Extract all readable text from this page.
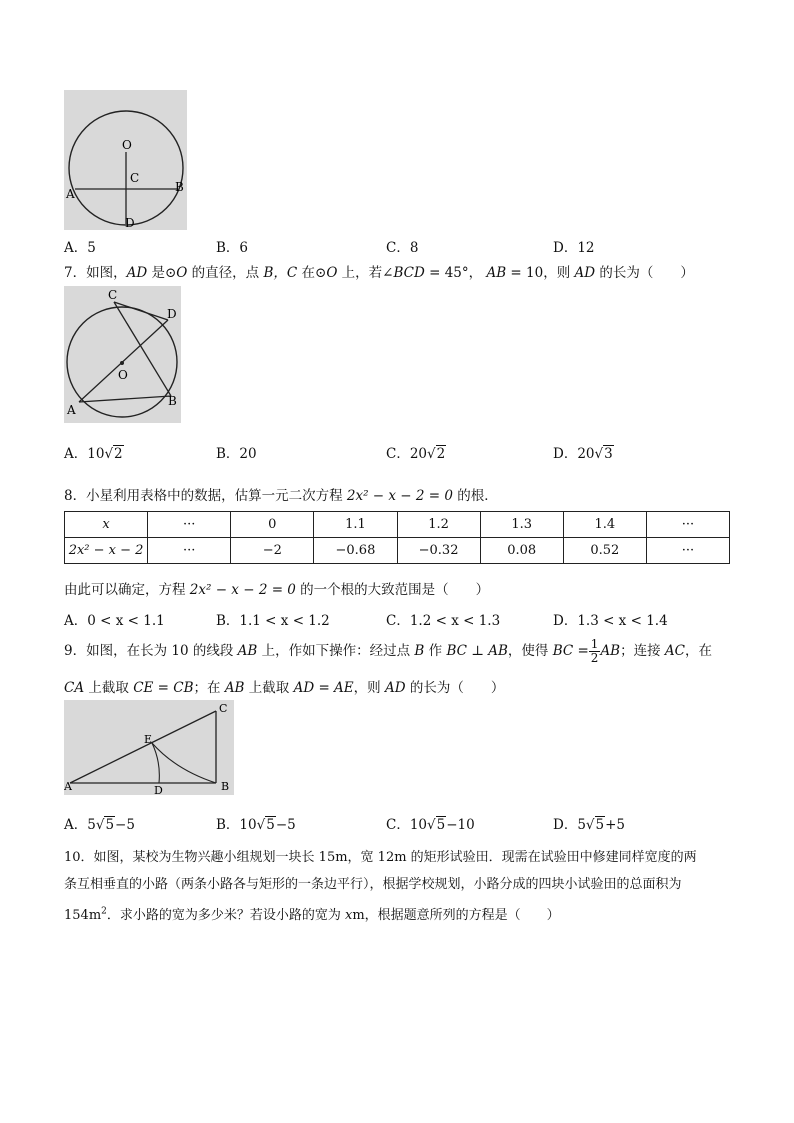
O
C
A	B
D
A．5	B．6	C．8	D．12
7．如图，AD 是⊙O 的直径，点 B，C 在⊙O 上，若∠BCD = 45°， AB = 10，则 AD 的长为（　　）
C
D
O
A
B
A．10√2	B．20	C．20√2	D．20√3
8．小星利用表格中的数据，估算一元二次方程 2x² − x − 2 = 0 的根．
x	···	0	1.1	1.2	1.3	1.4	···
2x² − x − 2	···	−2	−0.68	−0.32	0.08	0.52	···
由此可以确定，方程 2x² − x − 2 = 0 的一个根的大致范围是（　　）
A．0 < x < 1.1	B．1.1 < x < 1.2	C．1.2 < x < 1.3	D．1.3 < x < 1.4
9．如图，在长为 10 的线段 AB 上，作如下操作：经过点 B 作 BC ⊥ AB，使得 BC = $\frac{1}{2}$ AB；连接 AC，在
CA 上截取 CE = CB；在 AB 上截取 AD = AE，则 AD 的长为（　　）
C
E
A	D	B
A．5√5−5	B．10√5−5	C．10√5−10	D．5√5+5
10．如图，某校为生物兴趣小组规划一块长 15m，宽 12m 的矩形试验田．现需在试验田中修建同样宽度的两
条互相垂直的小路（两条小路各与矩形的一条边平行），根据学校规划，小路分成的四块小试验田的总面积为
$154m^2$．求小路的宽为多少米？若设小路的宽为 xm，根据题意所列的方程是（　　）
